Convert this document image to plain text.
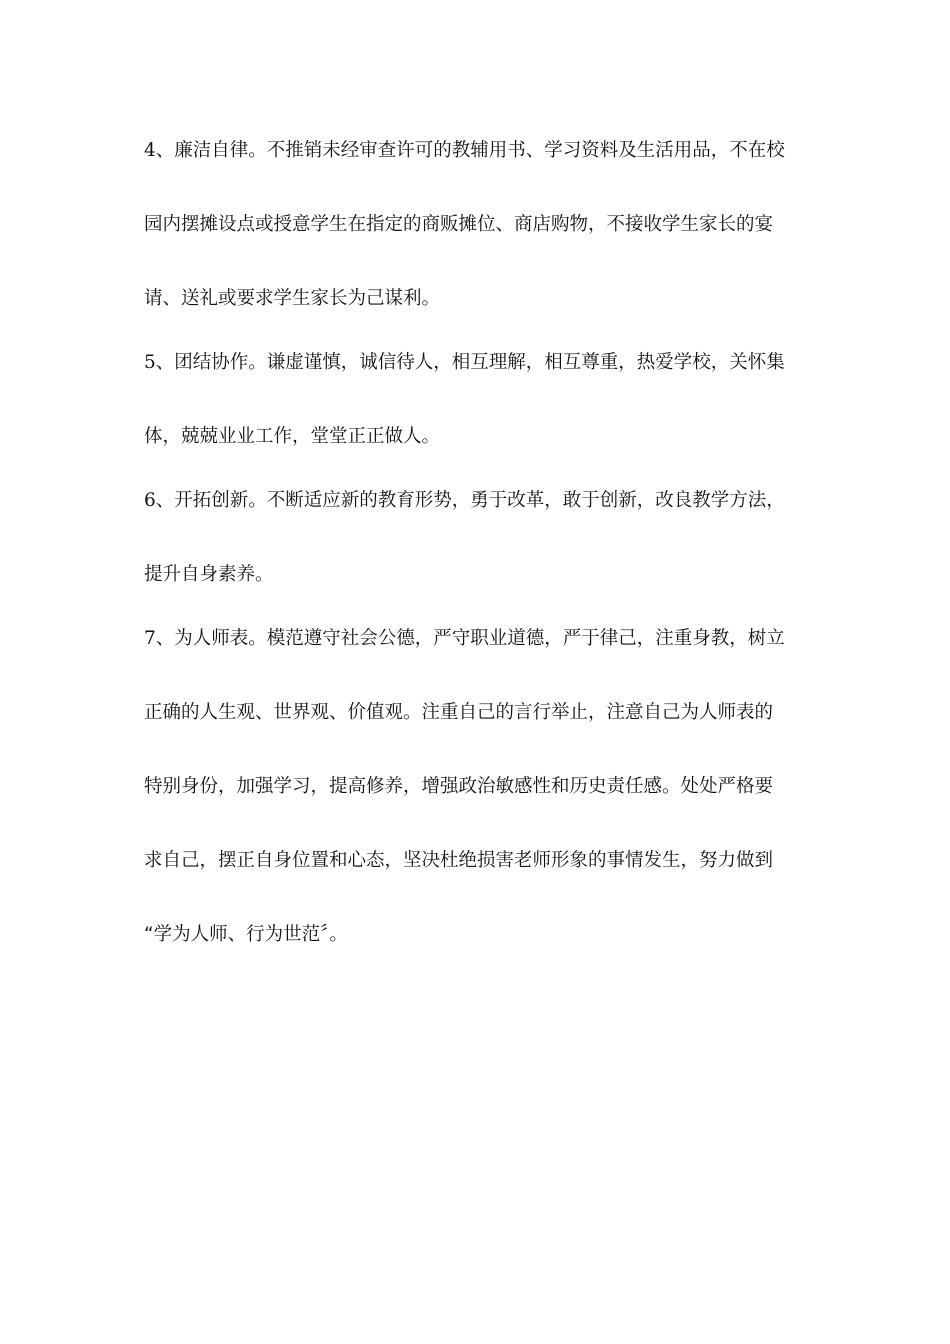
4、廉洁自律。不推销未经审查许可的教辅用书、学习资料及生活用品，不在校
园内摆摊设点或授意学生在指定的商贩摊位、商店购物，不接收学生家长的宴
请、送礼或要求学生家长为己谋利。
5、团结协作。谦虚谨慎，诚信待人，相互理解，相互尊重，热爱学校，关怀集
体，兢兢业业工作，堂堂正正做人。
6、开拓创新。不断适应新的教育形势，勇于改革，敢于创新，改良教学方法，
提升自身素养。
7、为人师表。模范遵守社会公德，严守职业道德，严于律己，注重身教，树立
正确的人生观、世界观、价值观。注重自己的言行举止，注意自己为人师表的
特别身份，加强学习，提高修养，增强政治敏感性和历史责任感。处处严格要
求自己，摆正自身位置和心态，坚决杜绝损害老师形象的事情发生，努力做到
“学为人师、行为世范〞。
